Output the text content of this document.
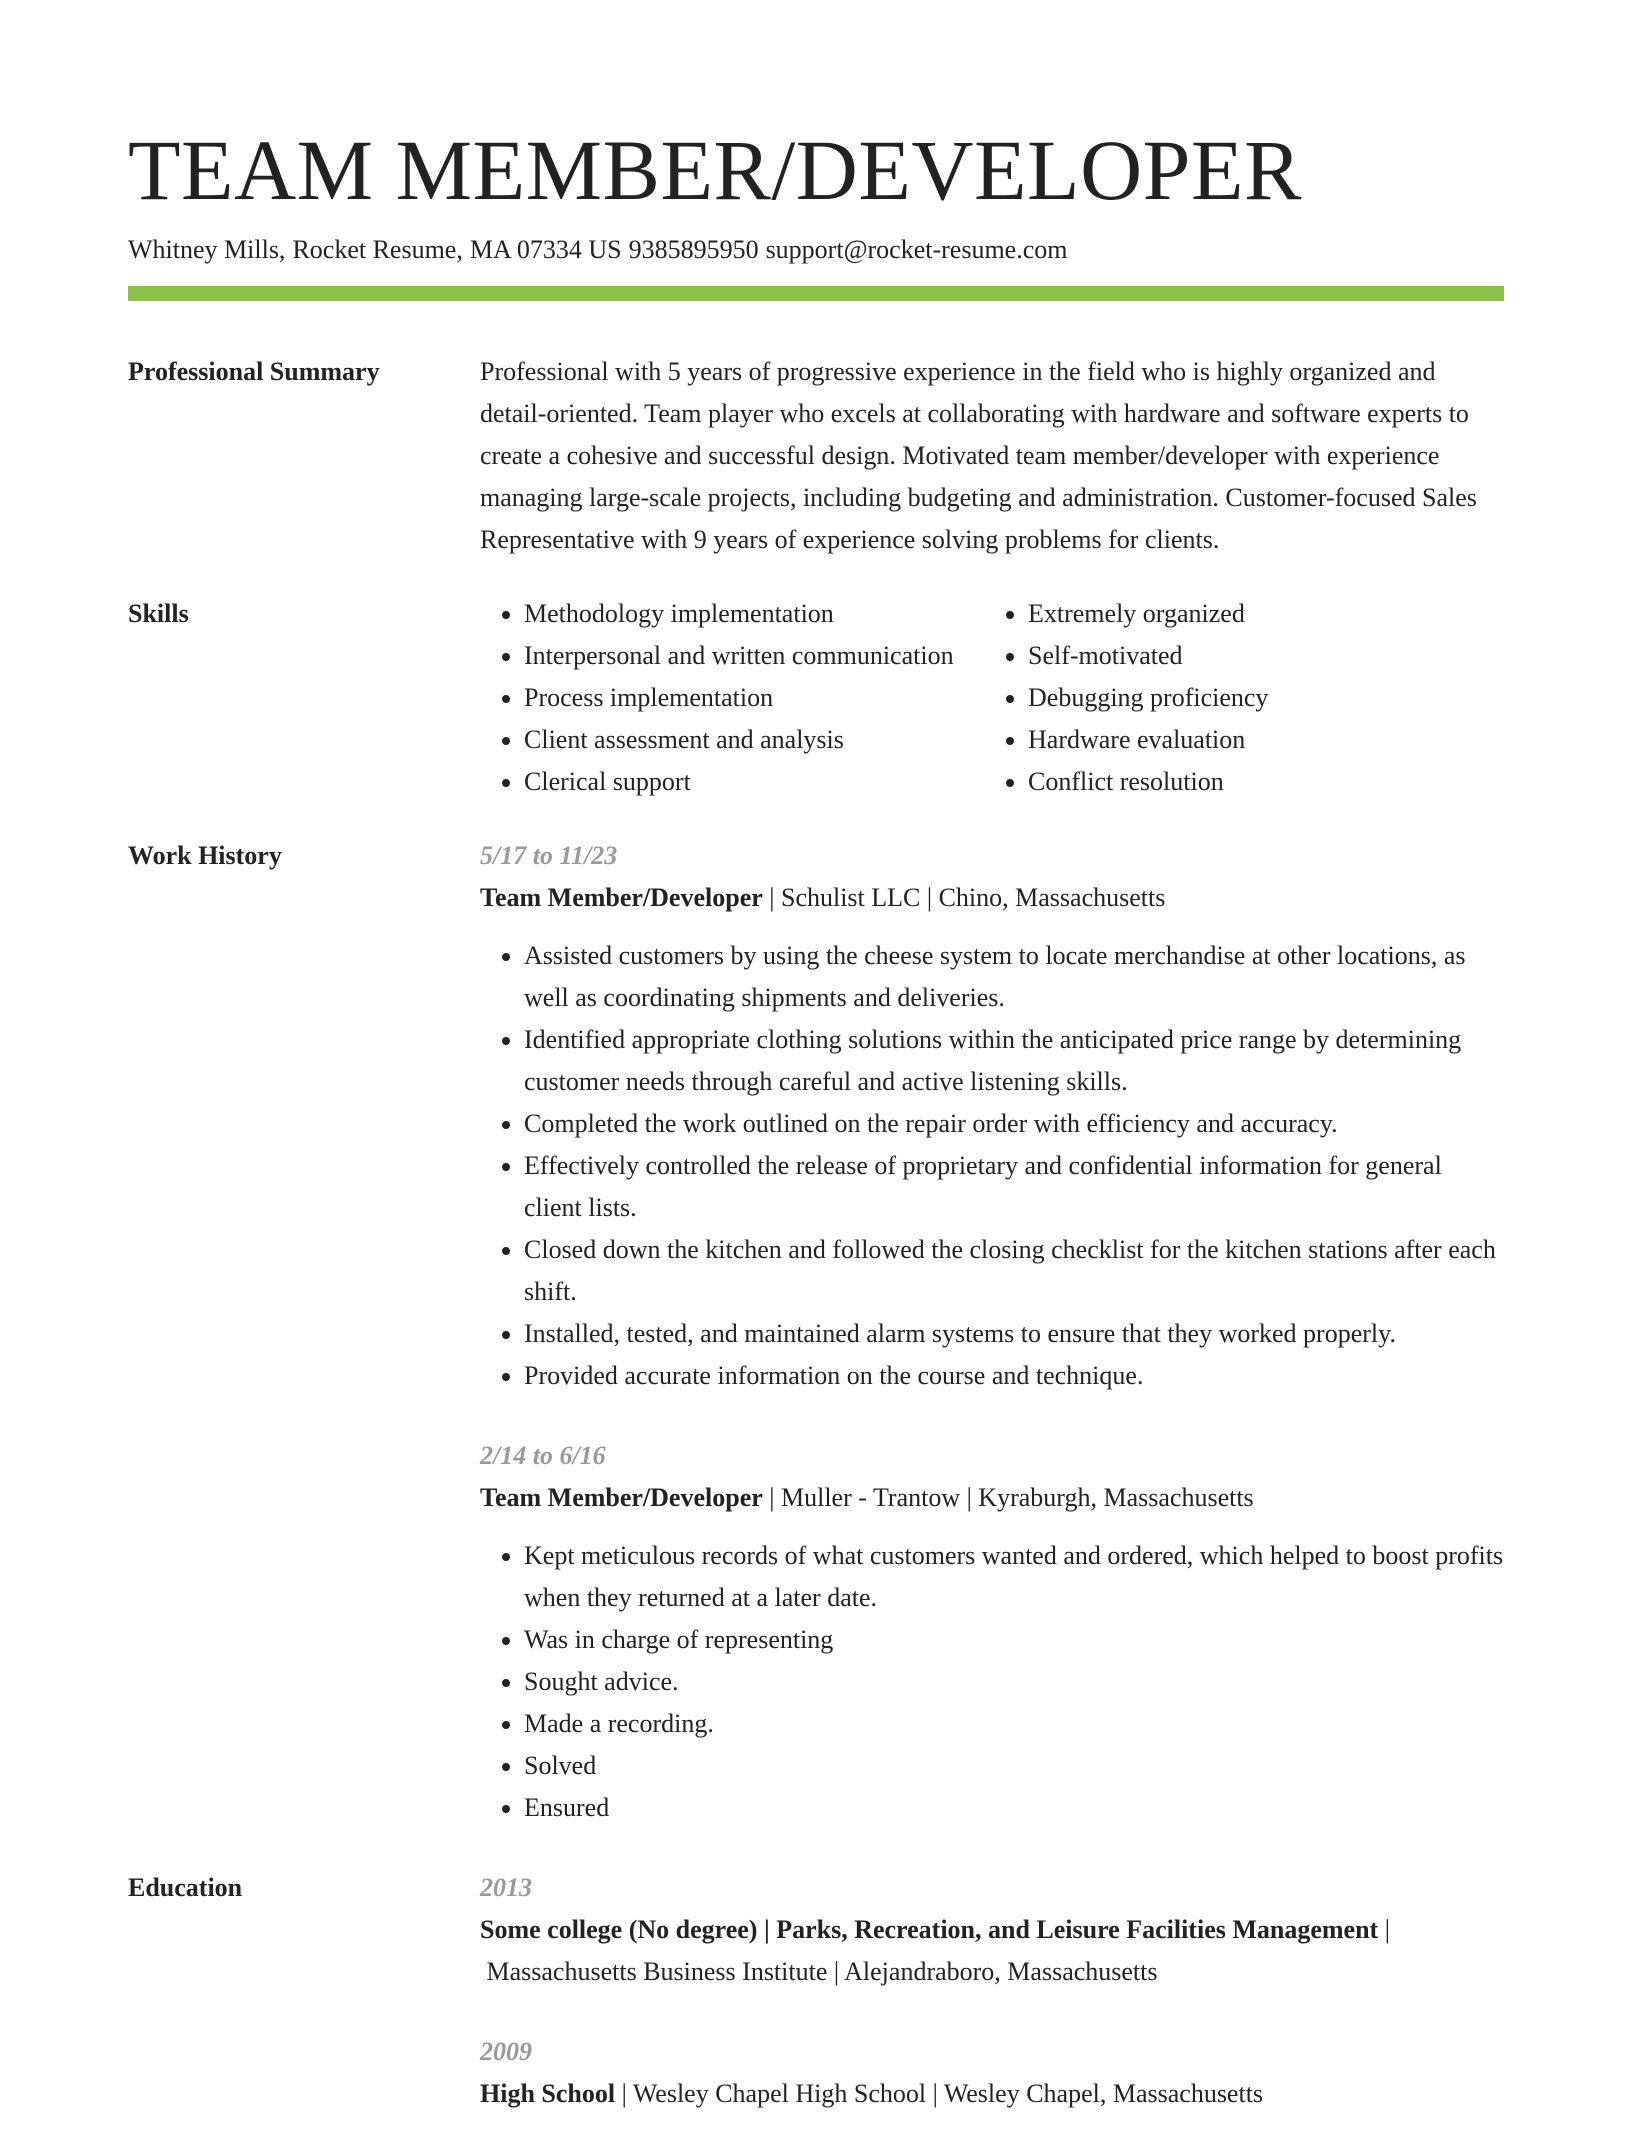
TEAM MEMBER/DEVELOPER
Whitney Mills, Rocket Resume, MA 07334 US 9385895950 support@rocket-resume.com
Professional Summary	Professional with 5 years of progressive experience in the field who is highly organized and detail-oriented. Team player who excels at collaborating with hardware and software experts to create a cohesive and successful design. Motivated team member/developer with experience managing large-scale projects, including budgeting and administration. Customer-focused Sales Representative with 9 years of experience solving problems for clients.

Skills
•	Methodology implementation
• Interpersonal and written communication
• Process implementation
• Client assessment and analysis
• Clerical support
• Extremely organized
• Self-motivated
• Debugging proficiency
• Hardware evaluation
• Conflict resolution
Work History	5/17 to 11/23
Team Member/Developer | Schulist LLC | Chino, Massachusetts
• Assisted customers by using the cheese system to locate merchandise at other locations, as well as coordinating shipments and deliveries.
• Identified appropriate clothing solutions within the anticipated price range by determining customer needs through careful and active listening skills.
• Completed the work outlined on the repair order with efficiency and accuracy.
• Effectively controlled the release of proprietary and confidential information for general client lists.
• Closed down the kitchen and followed the closing checklist for the kitchen stations after each shift.
• Installed, tested, and maintained alarm systems to ensure that they worked properly.
• Provided accurate information on the course and technique.
2/14 to 6/16
Team Member/Developer | Muller - Trantow | Kyraburgh, Massachusetts
• Kept meticulous records of what customers wanted and ordered, which helped to boost profits when they returned at a later date.
• Was in charge of representing
• Sought advice.
• Made a recording.
• Solved
• Ensured
Education	2013
Some college (No degree) | Parks, Recreation, and Leisure Facilities Management |  Massachusetts Business Institute | Alejandraboro, Massachusetts
2009
High School | Wesley Chapel High School | Wesley Chapel, Massachusetts
